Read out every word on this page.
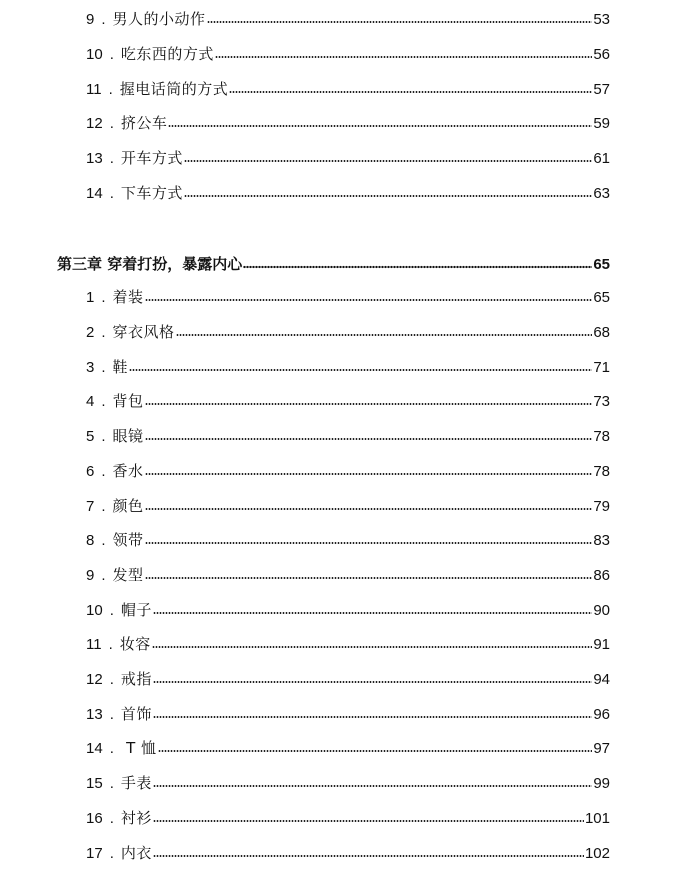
9 . 男人的小动作	53
10 . 吃东西的方式	56
11 . 握电话筒的方式	57
12 . 挤公车	59
13 . 开车方式	61
14 . 下车方式	63
第三章 穿着打扮，暴露内心	65
1 . 着装	65
2 . 穿衣风格	68
3 . 鞋	71
4 . 背包	73
5 . 眼镜	78
6 . 香水	78
7 . 颜色	79
8 . 领带	83
9 . 发型	86
10 . 帽子	90
11 . 妆容	91
12 . 戒指	94
13 . 首饰	96
14 . T 恤	97
15 . 手表	99
16 . 衬衫	101
17 . 内衣	102
